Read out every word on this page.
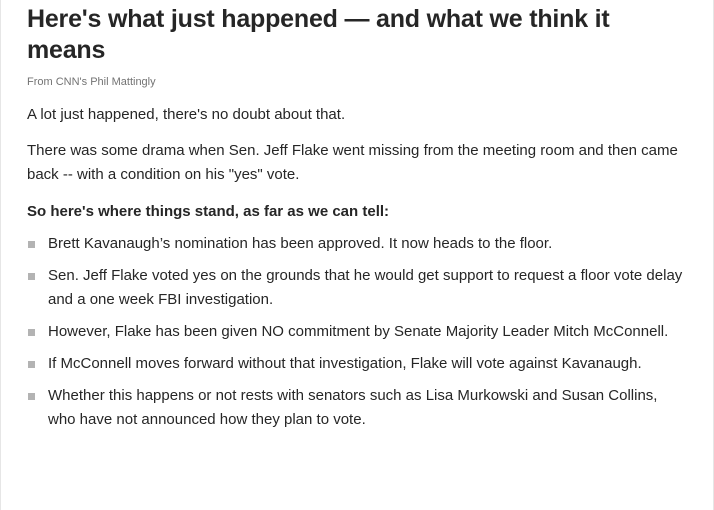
Here's what just happened — and what we think it means

From CNN's Phil Mattingly

A lot just happened, there's no doubt about that.

There was some drama when Sen. Jeff Flake went missing from the meeting room and then came back -- with a condition on his "yes" vote.

So here's where things stand, as far as we can tell:

Brett Kavanaugh’s nomination has been approved. It now heads to the floor.
Sen. Jeff Flake voted yes on the grounds that he would get support to request a floor vote delay and a one week FBI investigation.
However, Flake has been given NO commitment by Senate Majority Leader Mitch McConnell.
If McConnell moves forward without that investigation, Flake will vote against Kavanaugh.
Whether this happens or not rests with senators such as Lisa Murkowski and Susan Collins, who have not announced how they plan to vote.
